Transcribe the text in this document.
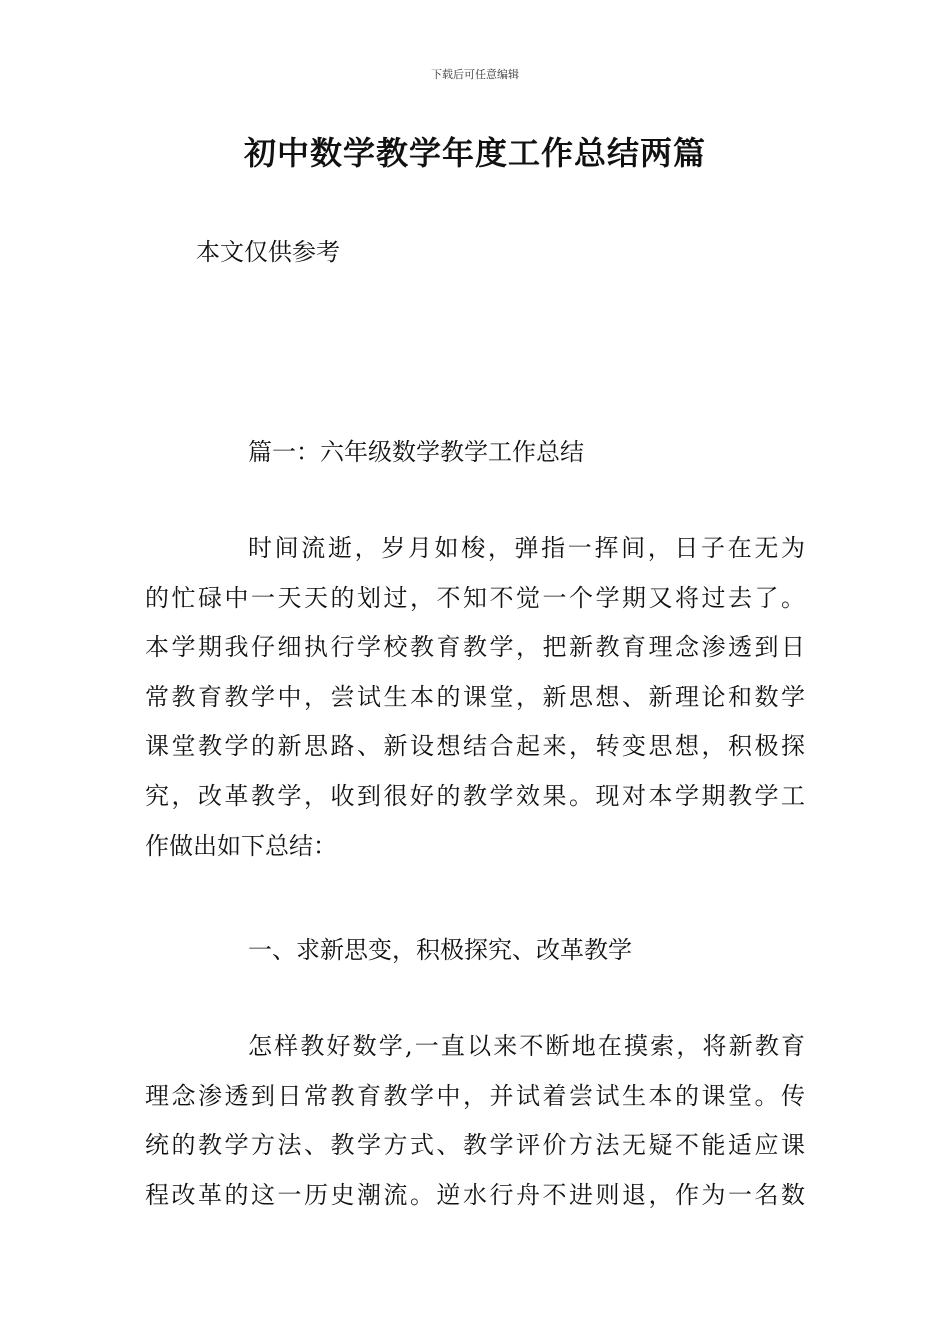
下载后可任意编辑
初中数学教学年度工作总结两篇
本文仅供参考
篇一：六年级数学教学工作总结
时间流逝，岁月如梭，弹指一挥间，日子在无为
的忙碌中一天天的划过，不知不觉一个学期又将过去了。
本学期我仔细执行学校教育教学，把新教育理念渗透到日
常教育教学中，尝试生本的课堂，新思想、新理论和数学
课堂教学的新思路、新设想结合起来，转变思想，积极探
究，改革教学，收到很好的教学效果。现对本学期教学工
作做出如下总结：
一、求新思变，积极探究、改革教学
怎样教好数学,一直以来不断地在摸索，将新教育
理念渗透到日常教育教学中，并试着尝试生本的课堂。传
统的教学方法、教学方式、教学评价方法无疑不能适应课
程改革的这一历史潮流。逆水行舟不进则退，作为一名数
